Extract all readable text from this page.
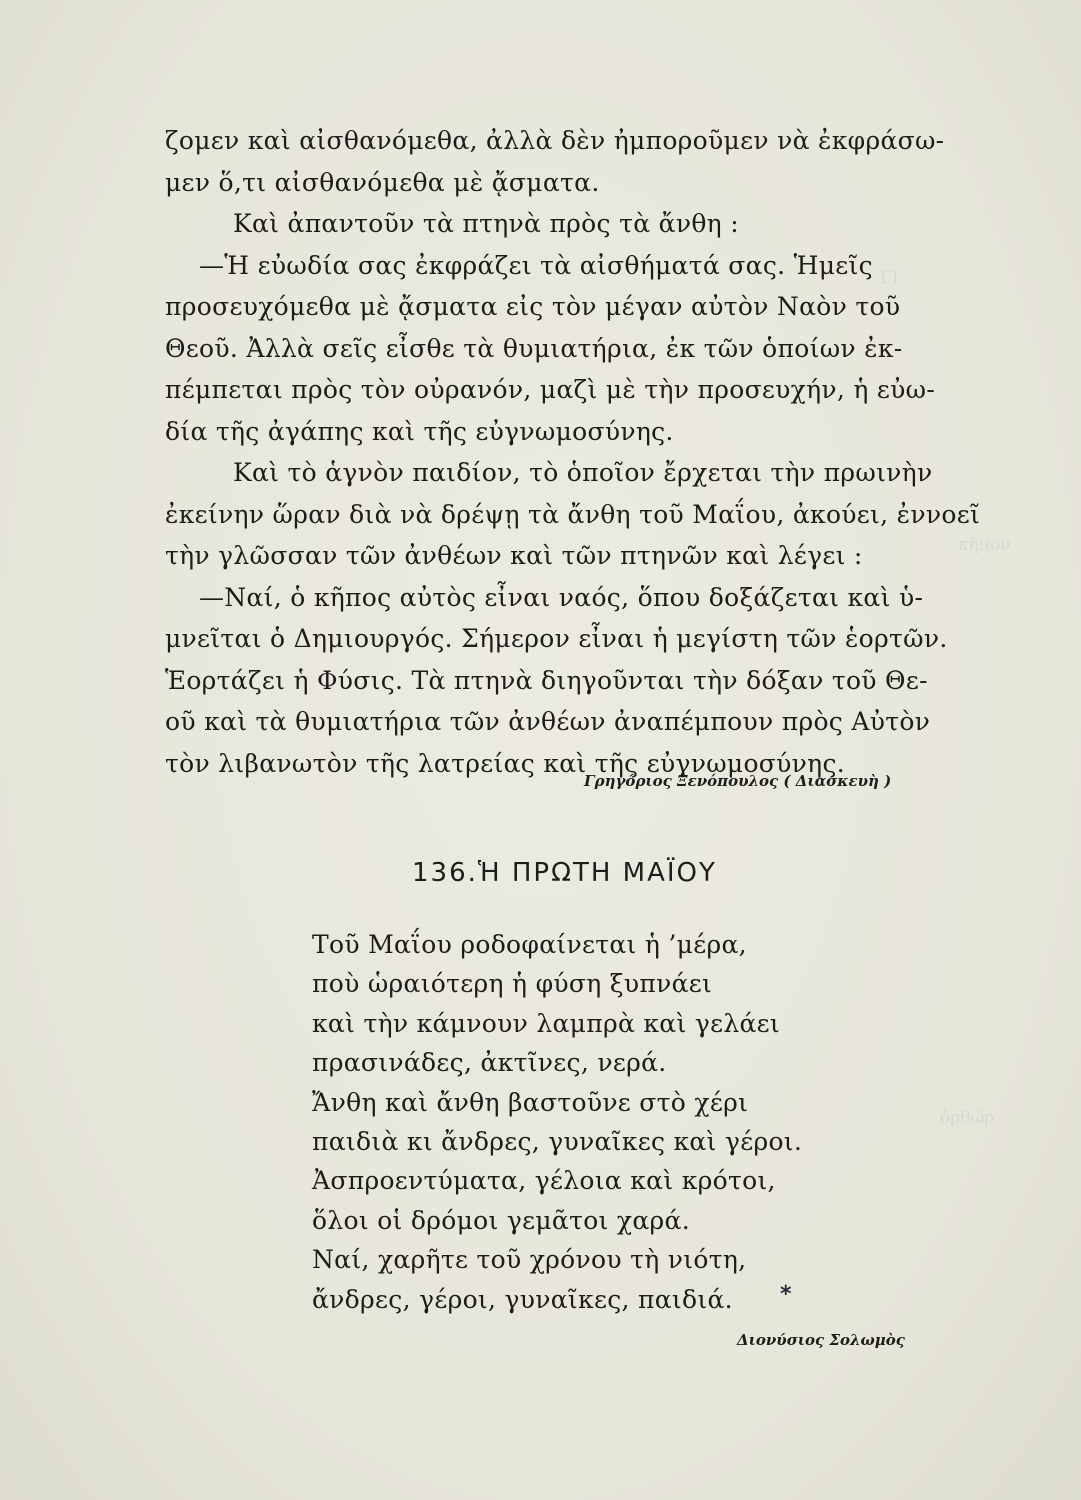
ΓΙ
κῆπον
ὀρθώρ
ζομεν καὶ αἰσθανόμεθα, ἀλλὰ δὲν ἠμποροῦμεν νὰ ἐκφράσω-
μεν ὅ,τι αἰσθανόμεθα μὲ ᾄσματα.
Καὶ ἀπαντοῦν τὰ πτηνὰ πρὸς τὰ ἄνθη :
—Ἡ εὐωδία σας ἐκφράζει τὰ αἰσθήματά σας. Ἡμεῖς
προσευχόμεθα μὲ ᾄσματα εἰς τὸν μέγαν αὐτὸν Ναὸν τοῦ
Θεοῦ. Ἀλλὰ σεῖς εἶσθε τὰ θυμιατήρια, ἐκ τῶν ὁποίων ἐκ-
πέμπεται πρὸς τὸν οὐρανόν, μαζὶ μὲ τὴν προσευχήν, ἡ εὐω-
δία τῆς ἀγάπης καὶ τῆς εὐγνωμοσύνης.
Καὶ τὸ ἁγνὸν παιδίον, τὸ ὁποῖον ἔρχεται τὴν πρωινὴν
ἐκείνην ὥραν διὰ νὰ δρέψῃ τὰ ἄνθη τοῦ Μαΐου, ἀκούει, ἐννοεῖ
τὴν γλῶσσαν τῶν ἀνθέων καὶ τῶν πτηνῶν καὶ λέγει :
—Ναί, ὁ κῆπος αὐτὸς εἶναι ναός, ὅπου δοξάζεται καὶ ὑ-
μνεῖται ὁ Δημιουργός. Σήμερον εἶναι ἡ μεγίστη τῶν ἑορτῶν.
Ἑορτάζει ἡ Φύσις. Τὰ πτηνὰ διηγοῦνται τὴν δόξαν τοῦ Θε-
οῦ καὶ τὰ θυμιατήρια τῶν ἀνθέων ἀναπέμπουν πρὸς Αὐτὸν
τὸν λιβανωτὸν τῆς λατρείας καὶ τῆς εὐγνωμοσύνης.
Γρηγόριος Ξενόπουλος ( Διασκευὴ )
136.Ἡ ΠΡΩΤΗ ΜΑΪΟΥ
Τοῦ Μαΐου ροδοφαίνεται ἡ ’μέρα,
ποὺ ὡραιότερη ἡ φύση ξυπνάει
καὶ τὴν κάμνουν λαμπρὰ καὶ γελάει
πρασινάδες, ἀκτῖνες, νερά.
Ἄνθη καὶ ἄνθη βαστοῦνε στὸ χέρι
παιδιὰ κι ἄνδρες, γυναῖκες καὶ γέροι.
Ἀσπροεντύματα, γέλοια καὶ κρότοι,
ὅλοι οἱ δρόμοι γεμᾶτοι χαρά.
Ναί, χαρῆτε τοῦ χρόνου τὴ νιότη,
ἄνδρες, γέροι, γυναῖκες, παιδιά.	*
Διονύσιος Σολωμὸς
